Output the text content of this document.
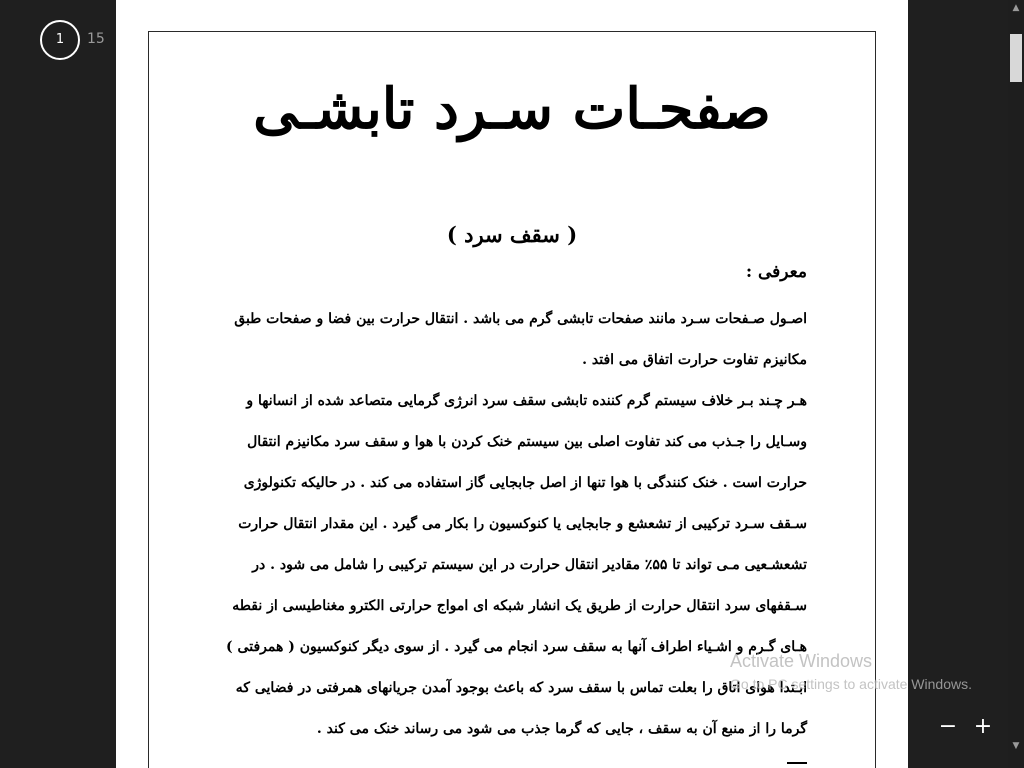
1	15
صفحـات سـرد تابشـی
( سقف سرد )
معرفی :
اصـول صـفحات سـرد مانند صفحات تابشی گرم می باشد . انتقال حرارت بین فضا و صفحات طبق
مکانیزم تفاوت حرارت اتفاق می افتد .
هـر چـند بـر خلاف سیستم گرم کننده تابشی سقف سرد انرژی گرمایی متصاعد شده از انسانها و
وسـایل را جـذب می کند تفاوت اصلی بین سیستم خنک کردن با هوا و سقف سرد مکانیزم انتقال
حرارت است . خنک کنندگی با هوا تنها از اصل جابجایی گاز استفاده می کند . در حالیکه تکنولوژی
سـقف سـرد ترکیبی از تشعشع و جابجایی یا کنوکسیون را بکار می گیرد . این مقدار انتقال حرارت
تشعشـعیی مـی تواند تا ۵۵٪ مقادیر انتقال حرارت در این سیستم ترکیبی را شامل می شود . در
سـقفهای سرد انتقال حرارت از طریق یک انشار شبکه ای امواج حرارتی الکترو مغناطیسی از نقطه
هـای گـرم و اشـیاء اطراف آنها به سقف سرد انجام می گیرد . از سوی دیگر کنوکسیون ( همرفتی )
ابـتدا هوای اتاق را بعلت تماس با سقف سرد که باعث بوجود آمدن جریانهای همرفتی در فضایی که
گرما را از منبع آن به سقف ، جایی که گرما جذب می شود می رساند خنک می کند .	− +
▲
▼
Activate Windows
Go to PC settings to activate Windows.
